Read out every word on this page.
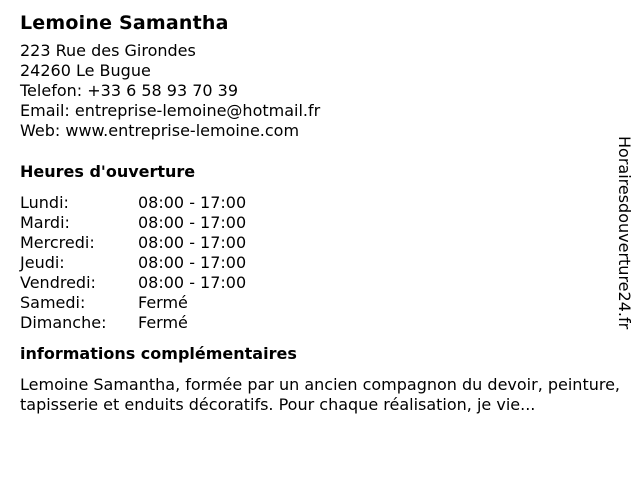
Lemoine Samantha
223 Rue des Girondes
24260 Le Bugue
Telefon: +33 6 58 93 70 39
Email: entreprise-lemoine@hotmail.fr
Web: www.entreprise-lemoine.com
Heures d'ouverture
Lundi:	08:00 - 17:00
Mardi:	08:00 - 17:00
Mercredi:	08:00 - 17:00
Jeudi:	08:00 - 17:00
Vendredi:	08:00 - 17:00
Samedi:	Fermé
Dimanche:	Fermé
informations complémentaires
Lemoine Samantha, formée par un ancien compagnon du devoir, peinture,tapisserie et enduits décoratifs. Pour chaque réalisation, je vie...
Horairesdouverture24.fr
